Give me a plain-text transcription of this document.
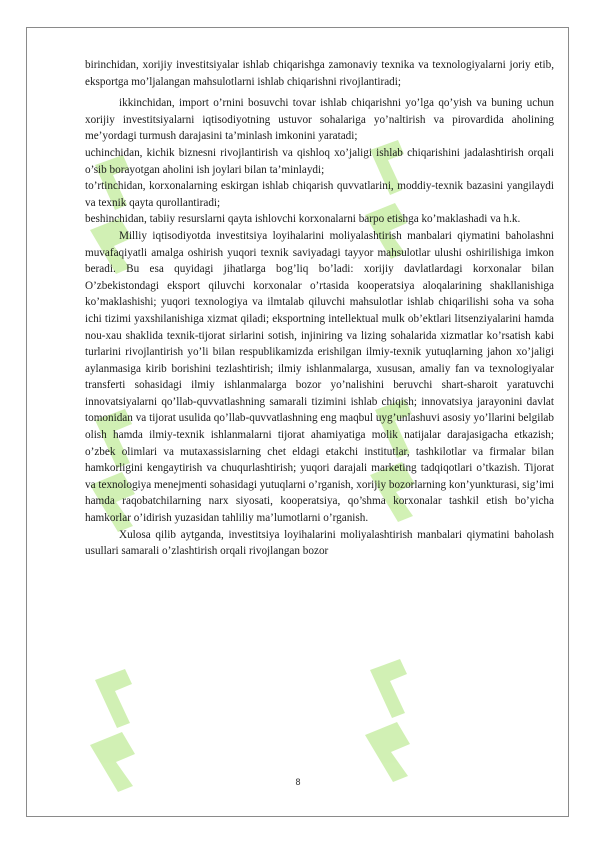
birinchidan, xorijiy investitsiyalar ishlab chiqarishga zamonaviy texnika va texnologiyalarni joriy etib, eksportga mo’ljalangan mahsulotlarni ishlab chiqarishni rivojlantiradi;

ikkinchidan, import o’rnini bosuvchi tovar ishlab chiqarishni yo’lga qo’yish va buning uchun xorijiy investitsiyalarni iqtisodiyotning ustuvor sohalariga yo’naltirish va pirovardida aholining me’yordagi turmush darajasini ta’minlash imkonini yaratadi;

uchinchidan, kichik biznesni rivojlantirish va qishloq xo’jaligi ishlab chiqarishini jadalashtirish orqali o’sib borayotgan aholini ish joylari bilan ta’minlaydi;

to’rtinchidan, korxonalarning eskirgan ishlab chiqarish quvvatlarini, moddiy-texnik bazasini yangilaydi va texnik qayta qurollantiradi;

beshinchidan, tabiiy resurslarni qayta ishlovchi korxonalarni barpo etishga ko’maklashadi va h.k.

Milliy iqtisodiyotda investitsiya loyihalarini moliyalashtirish manbalari qiymatini baholashni muvafaqiyatli amalga oshirish yuqori texnik saviyadagi tayyor mahsulotlar ulushi oshirilishiga imkon beradi. Bu esa quyidagi jihatlarga bog’liq bo’ladi: xorijiy davlatlardagi korxonalar bilan O’zbekistondagi eksport qiluvchi korxonalar o’rtasida kooperatsiya aloqalarining shakllanishiga ko’maklashishi; yuqori texnologiya va ilmtalab qiluvchi mahsulotlar ishlab chiqarilishi soha va soha ichi tizimi yaxshilanishiga xizmat qiladi; eksportning intellektual mulk ob’ektlari litsenziyalarini hamda nou-xau shaklida texnik-tijorat sirlarini sotish, injiniring va lizing sohalarida xizmatlar ko’rsatish kabi turlarini rivojlantirish yo’li bilan respublikamizda erishilgan ilmiy-texnik yutuqlarning jahon xo’jaligi aylanmasiga kirib borishini tezlashtirish; ilmiy ishlanmalarga, xususan, amaliy fan va texnologiyalar transferti sohasidagi ilmiy ishlanmalarga bozor yo’nalishini beruvchi shart-sharoit yaratuvchi innovatsiyalarni qo’llab-quvvatlashning samarali tizimini ishlab chiqish; innovatsiya jarayonini davlat tomonidan va tijorat usulida qo’llab-quvvatlashning eng maqbul uyg’unlashuvi asosiy yo’llarini belgilab olish hamda ilmiy-texnik ishlanmalarni tijorat ahamiyatiga molik natijalar darajasigacha etkazish; o’zbek olimlari va mutaxassislarning chet eldagi etakchi institutlar, tashkilotlar va firmalar bilan hamkorligini kengaytirish va chuqurlashtirish; yuqori darajali marketing tadqiqotlari o’tkazish. Tijorat va texnologiya menejmenti sohasidagi yutuqlarni o’rganish, xorijiy bozorlarning kon’yunkturasi, sig’imi hamda raqobatchilarning narx siyosati, kooperatsiya, qo’shma korxonalar tashkil etish bo’yicha hamkorlar o’idirish yuzasidan tahliliy ma’lumotlarni o’rganish.

Xulosa qilib aytganda, investitsiya loyihalarini moliyalashtirish manbalari qiymatini baholash usullari samarali o’zlashtirish orqali rivojlangan bozor

8
